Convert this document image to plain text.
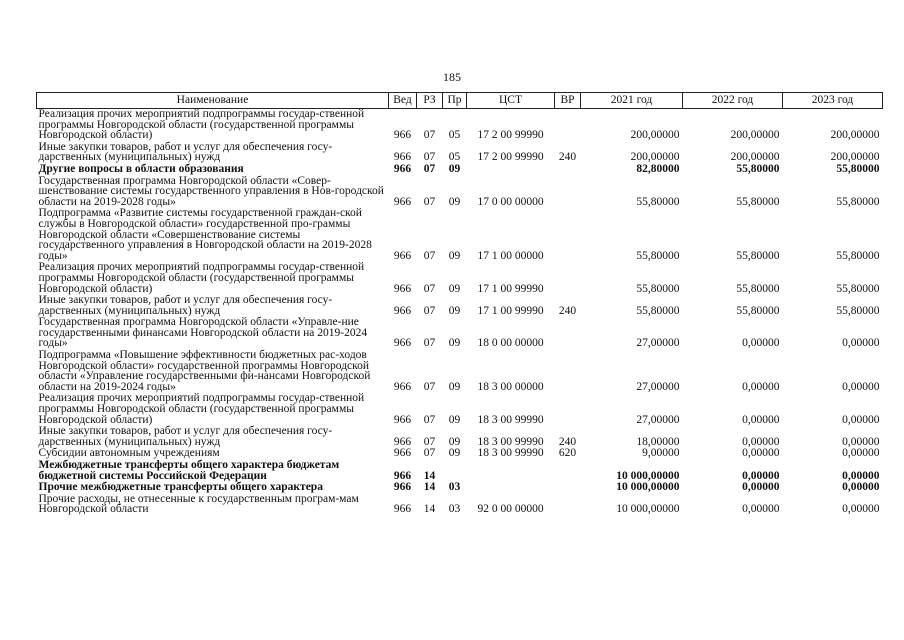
185
Наименование	Вед	РЗ	Пр	ЦСТ	ВР	2021 год	2022 год	2023 год
Реализация прочих мероприятий подпрограммы государ-ственной программы Новгородской области (государственной программы Новгородской области)	966	07	05	17 2 00 99990		200,00000	200,00000	200,00000
Иные закупки товаров, работ и услуг для обеспечения госу-дарственных (муниципальных) нужд	966	07	05	17 2 00 99990	240	200,00000	200,00000	200,00000
Другие вопросы в области образования	966	07	09			82,80000	55,80000	55,80000
Государственная программа Новгородской области «Совер-шенствование системы государственного управления в Нов-городской области на 2019-2028 годы»	966	07	09	17 0 00 00000		55,80000	55,80000	55,80000
Подпрограмма «Развитие системы государственной граждан-ской службы в Новгородской области» государственной про-граммы Новгородской области «Совершенствование системы государственного управления в Новгородской области на 2019-2028 годы»	966	07	09	17 1 00 00000		55,80000	55,80000	55,80000
Реализация прочих мероприятий подпрограммы государ-ственной программы Новгородской области (государственной программы Новгородской области)	966	07	09	17 1 00 99990		55,80000	55,80000	55,80000
Иные закупки товаров, работ и услуг для обеспечения госу-дарственных (муниципальных) нужд	966	07	09	17 1 00 99990	240	55,80000	55,80000	55,80000
Государственная программа Новгородской области «Управле-ние государственными финансами Новгородской области на 2019-2024 годы»	966	07	09	18 0 00 00000		27,00000	0,00000	0,00000
Подпрограмма «Повышение эффективности бюджетных рас-ходов Новгородской области» государственной программы Новгородской области «Управление государственными фи-нансами Новгородской области на 2019-2024 годы»	966	07	09	18 3 00 00000		27,00000	0,00000	0,00000
Реализация прочих мероприятий подпрограммы государ-ственной программы Новгородской области (государственной программы Новгородской области)	966	07	09	18 3 00 99990		27,00000	0,00000	0,00000
Иные закупки товаров, работ и услуг для обеспечения госу-дарственных (муниципальных) нужд	966	07	09	18 3 00 99990	240	18,00000	0,00000	0,00000
Субсидии автономным учреждениям	966	07	09	18 3 00 99990	620	9,00000	0,00000	0,00000
Межбюджетные трансферты общего характера бюджетам бюджетной системы Российской Федерации	966	14				10 000,00000	0,00000	0,00000
Прочие межбюджетные трансферты общего характера	966	14	03			10 000,00000	0,00000	0,00000
Прочие расходы, не отнесенные к государственным програм-мам Новгородской области	966	14	03	92 0 00 00000		10 000,00000	0,00000	0,00000
